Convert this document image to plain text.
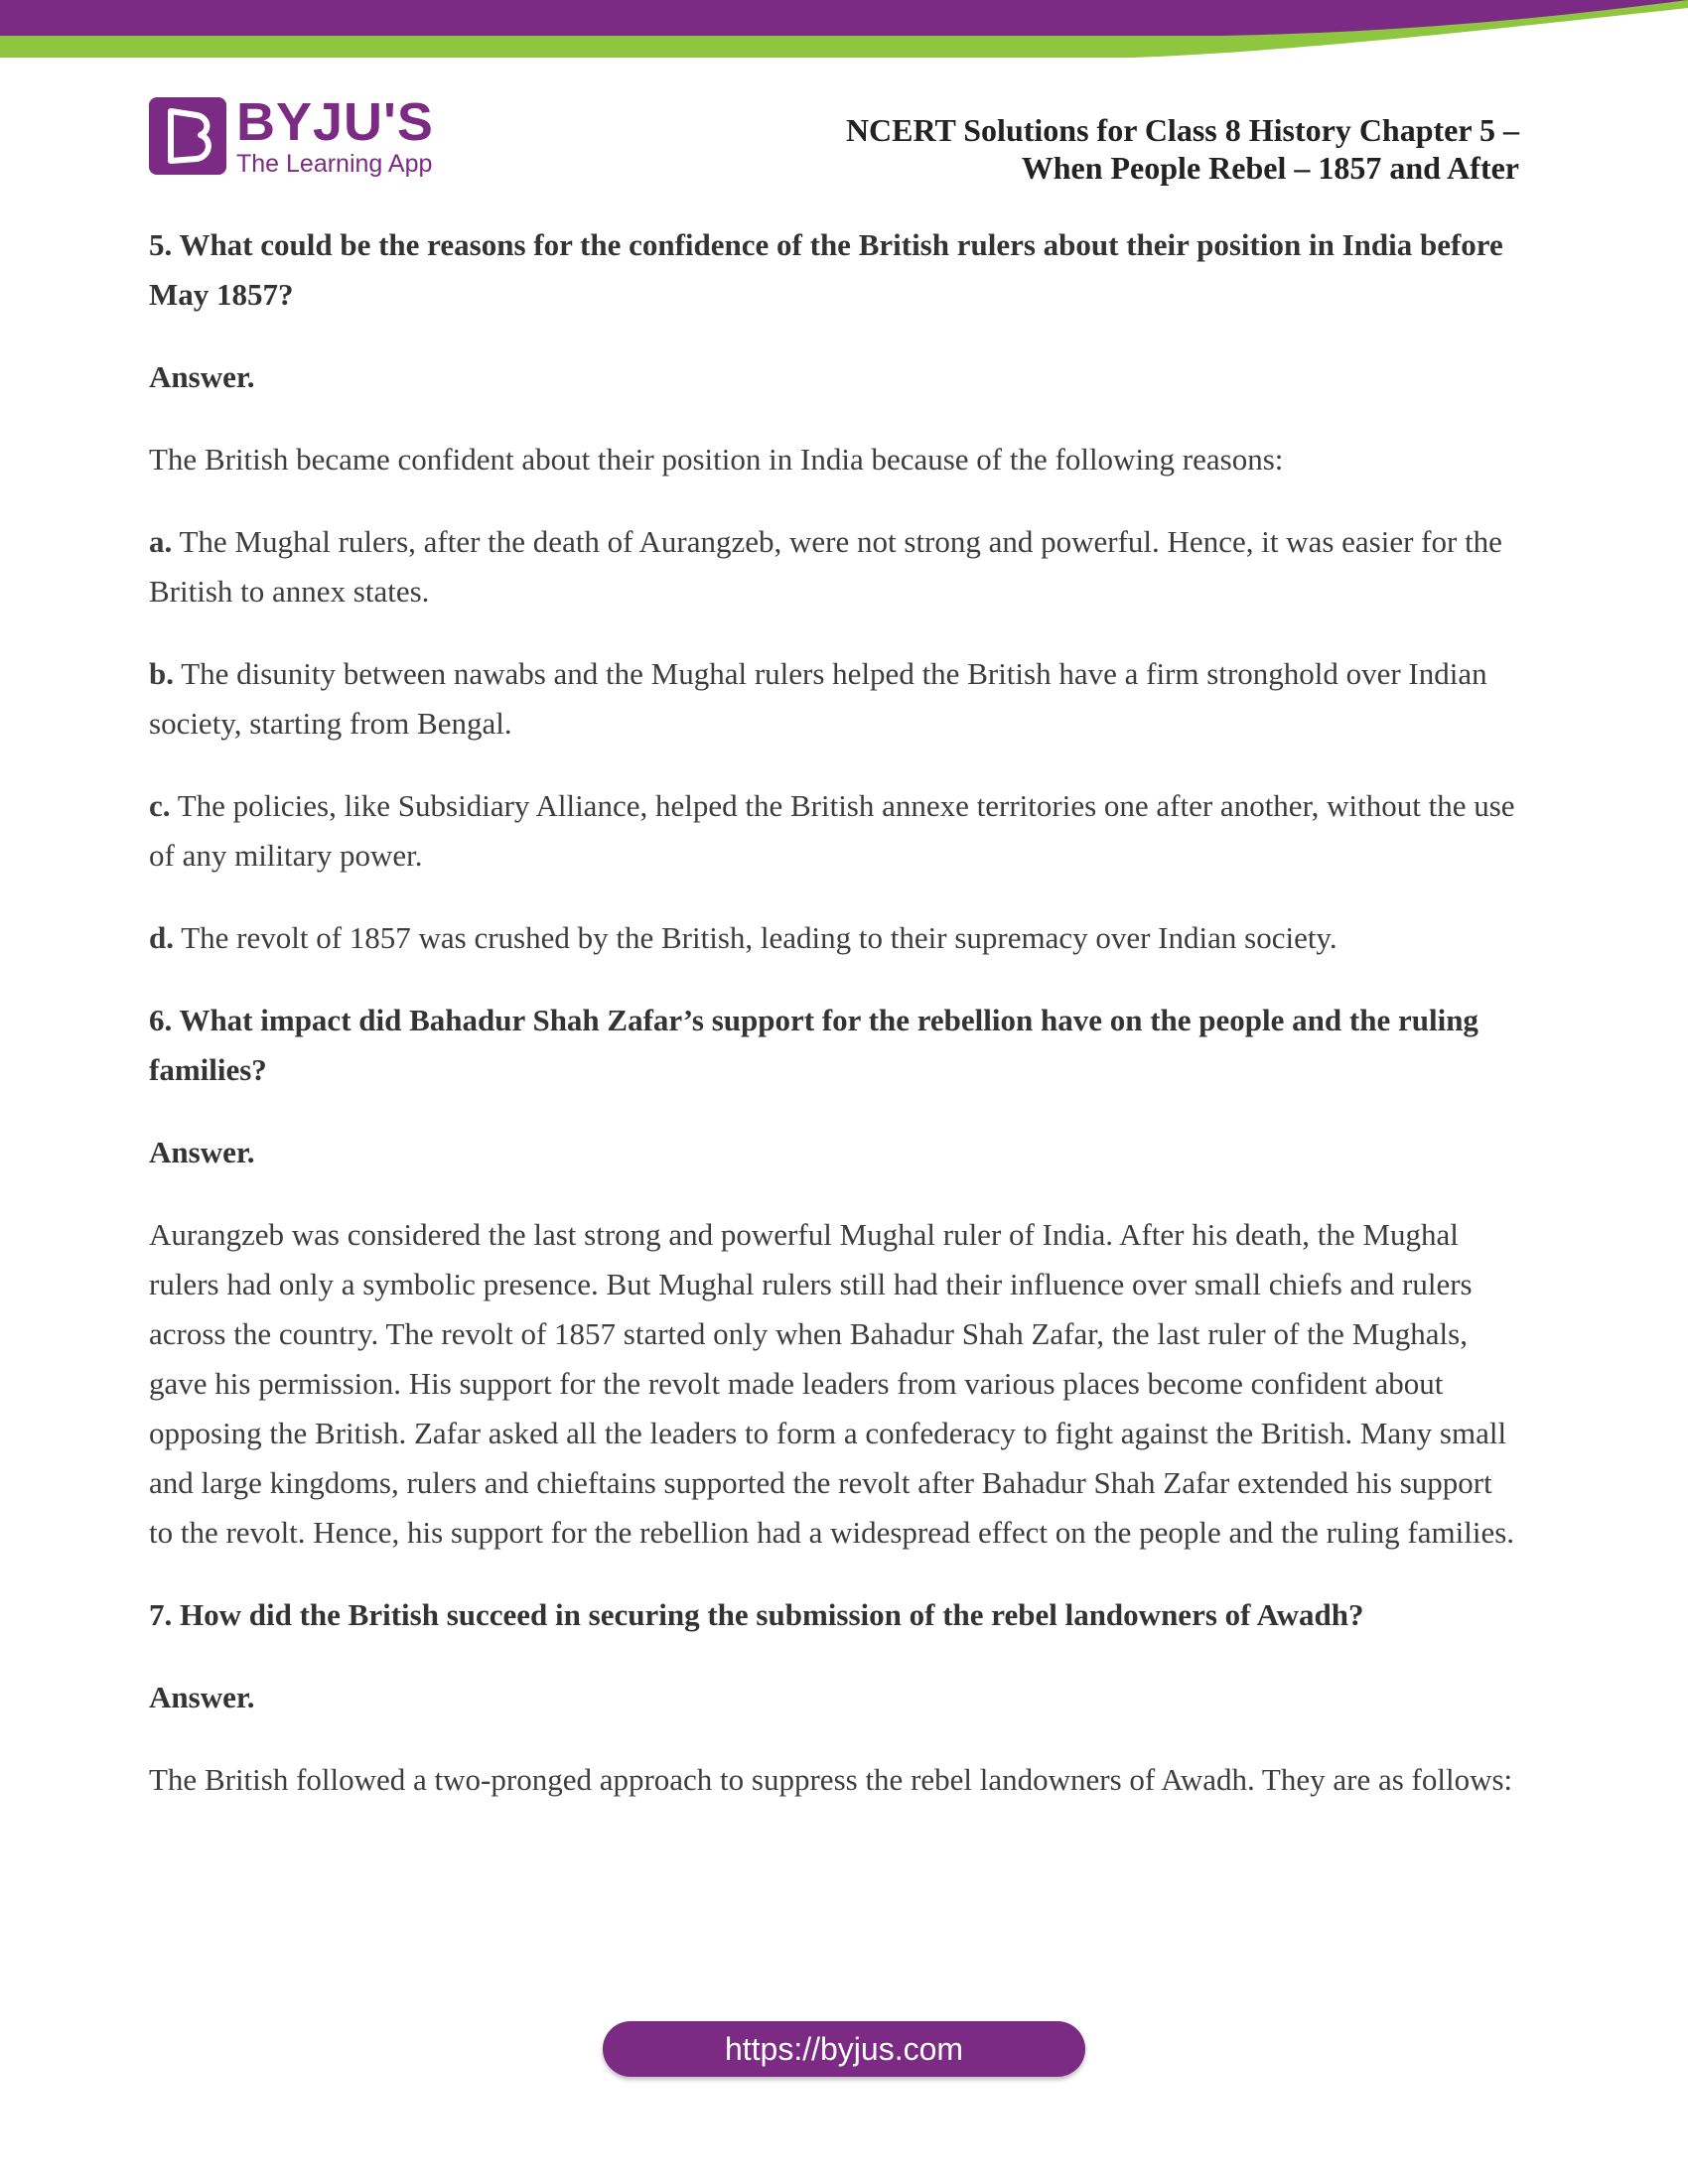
BYJU'S
The Learning App
NCERT Solutions for Class 8 History Chapter 5 –
When People Rebel – 1857 and After

5. What could be the reasons for the confidence of the British rulers about their position in India before May 1857?

Answer.

The British became confident about their position in India because of the following reasons:

a. The Mughal rulers, after the death of Aurangzeb, were not strong and powerful. Hence, it was easier for the British to annex states.

b. The disunity between nawabs and the Mughal rulers helped the British have a firm stronghold over Indian society, starting from Bengal.

c. The policies, like Subsidiary Alliance, helped the British annexe territories one after another, without the use of any military power.

d. The revolt of 1857 was crushed by the British, leading to their supremacy over Indian society.

6. What impact did Bahadur Shah Zafar’s support for the rebellion have on the people and the ruling families?

Answer.

Aurangzeb was considered the last strong and powerful Mughal ruler of India. After his death, the Mughal rulers had only a symbolic presence. But Mughal rulers still had their influence over small chiefs and rulers across the country. The revolt of 1857 started only when Bahadur Shah Zafar, the last ruler of the Mughals, gave his permission. His support for the revolt made leaders from various places become confident about opposing the British. Zafar asked all the leaders to form a confederacy to fight against the British. Many small and large kingdoms, rulers and chieftains supported the revolt after Bahadur Shah Zafar extended his support to the revolt. Hence, his support for the rebellion had a widespread effect on the people and the ruling families.

7. How did the British succeed in securing the submission of the rebel landowners of Awadh?

Answer.

The British followed a two-pronged approach to suppress the rebel landowners of Awadh. They are as follows:

https://byjus.com
